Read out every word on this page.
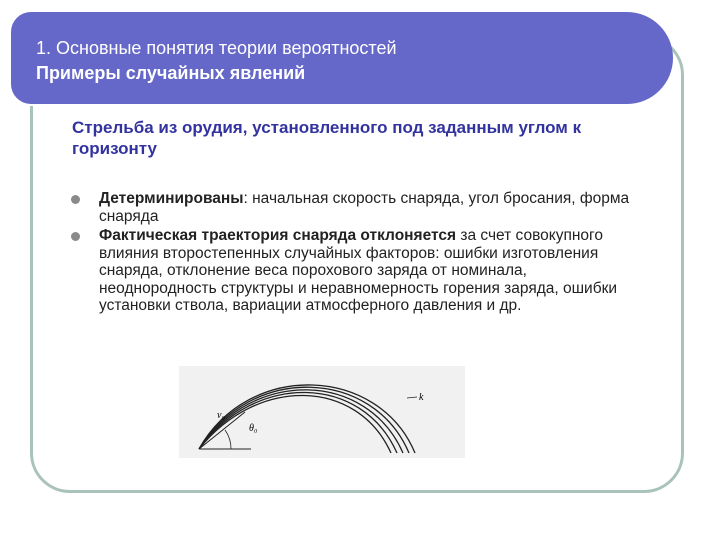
1. Основные понятия теории вероятностей
Примеры случайных явлений
Стрельба из орудия, установленного под заданным углом к горизонту
Детерминированы: начальная скорость снаряда, угол бросания, форма снаряда
Фактическая траектория снаряда отклоняется за счет совокупного влияния второстепенных случайных факторов: ошибки изготовления снаряда, отклонение веса порохового заряда от номинала, неоднородность структуры и неравномерность горения заряда, ошибки установки ствола, вариации атмосферного давления и др.
v₀
θ₀
k
